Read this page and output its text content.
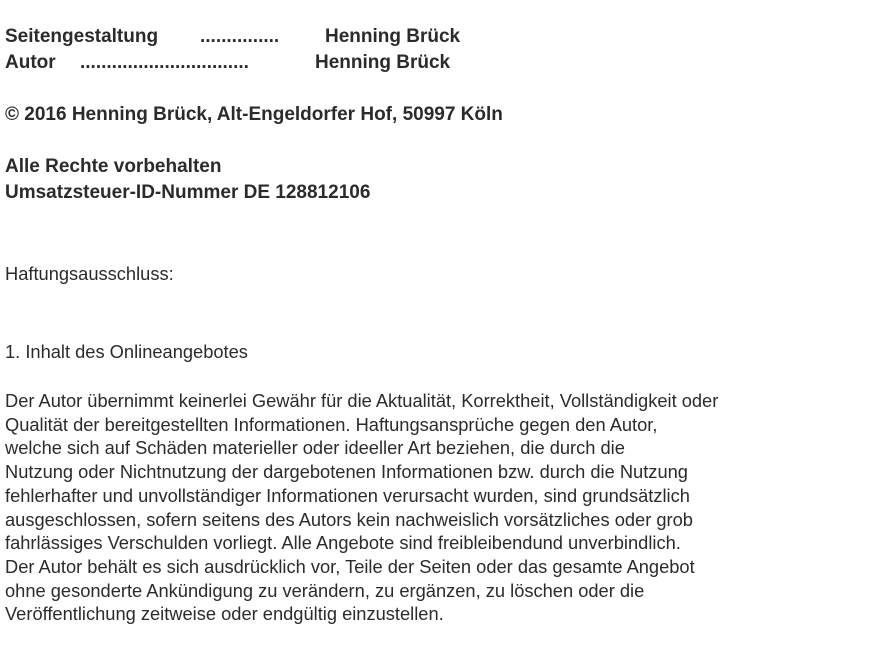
Seitengestaltung ............... Henning Brück
Autor ................................	Henning Brück
© 2016 Henning Brück, Alt-Engeldorfer Hof, 50997 Köln
Alle Rechte vorbehalten
Umsatzsteuer-ID-Nummer DE 128812106
Haftungsausschluss:
1. Inhalt des Onlineangebotes
Der Autor übernimmt keinerlei Gewähr für die Aktualität, Korrektheit, Vollständigkeit oder
Qualität der bereitgestellten Informationen. Haftungsansprüche gegen den Autor,
welche sich auf Schäden materieller oder ideeller Art beziehen, die durch die
Nutzung oder Nichtnutzung der dargebotenen Informationen bzw. durch die Nutzung
fehlerhafter und unvollständiger Informationen verursacht wurden, sind grundsätzlich
ausgeschlossen, sofern seitens des Autors kein nachweislich vorsätzliches oder grob
fahrlässiges Verschulden vorliegt. Alle Angebote sind freibleibendund unverbindlich.
Der Autor behält es sich ausdrücklich vor, Teile der Seiten oder das gesamte Angebot
ohne gesonderte Ankündigung zu verändern, zu ergänzen, zu löschen oder die
Veröffentlichung zeitweise oder endgültig einzustellen.
